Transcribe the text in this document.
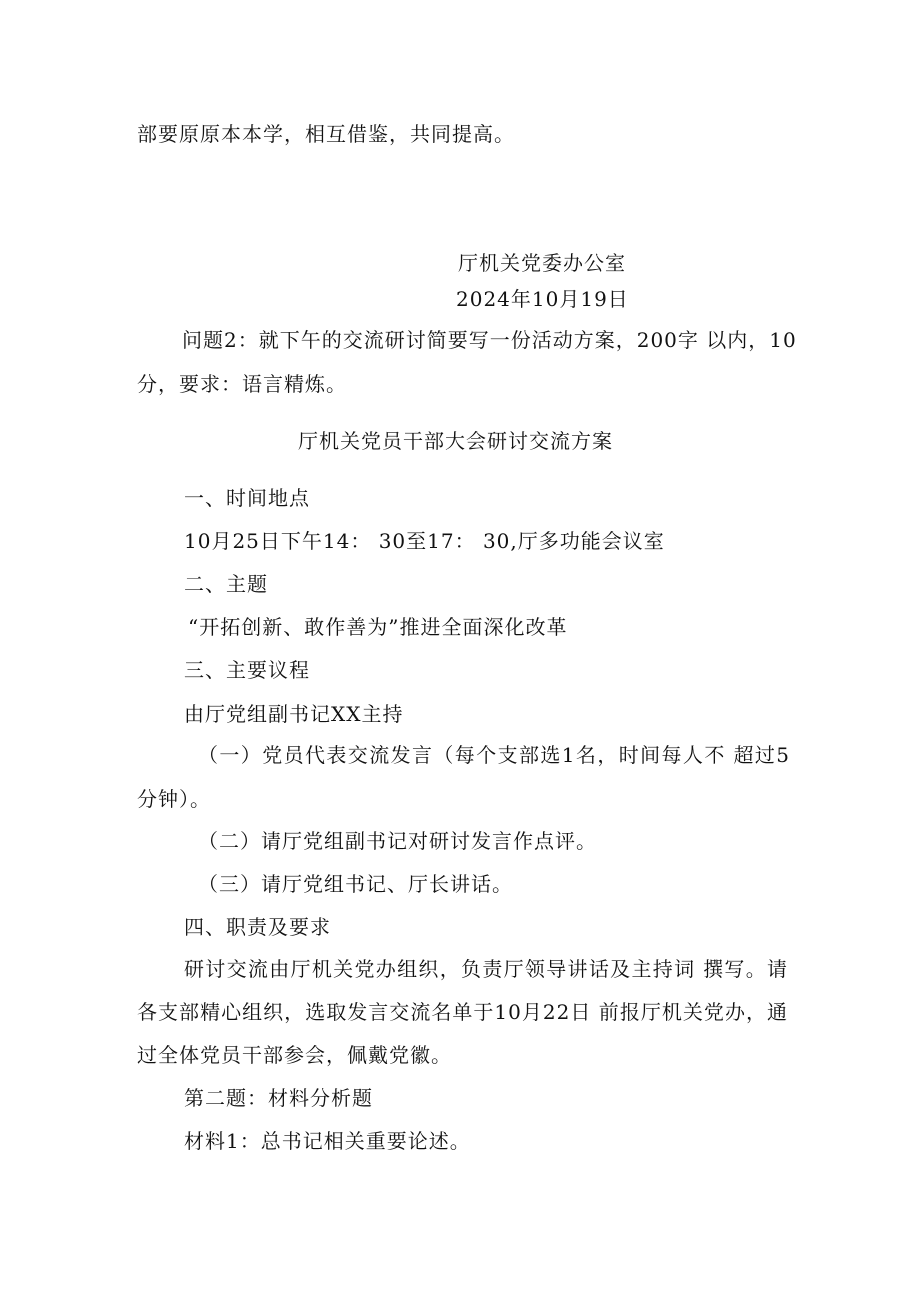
部要原原本本学，相互借鉴，共同提高。
厅机关党委办公室
2024年10月19日
问题2：就下午的交流研讨简要写一份活动方案，200字 以内，10
分，要求：语言精炼。
厅机关党员干部大会研讨交流方案
一、时间地点
10月25日下午14： 30至17： 30,厅多功能会议室
二、主题
“开拓创新、敢作善为”推进全面深化改革
三、主要议程
由厅党组副书记XX主持
（一）党员代表交流发言（每个支部选1名，时间每人不 超过5
分钟）。
（二）请厅党组副书记对研讨发言作点评。
（三）请厅党组书记、厅长讲话。
四、职责及要求
研讨交流由厅机关党办组织，负责厅领导讲话及主持词 撰写。请
各支部精心组织，选取发言交流名单于10月22日 前报厅机关党办，通
过全体党员干部参会，佩戴党徽。
第二题：材料分析题
材料1：总书记相关重要论述。
